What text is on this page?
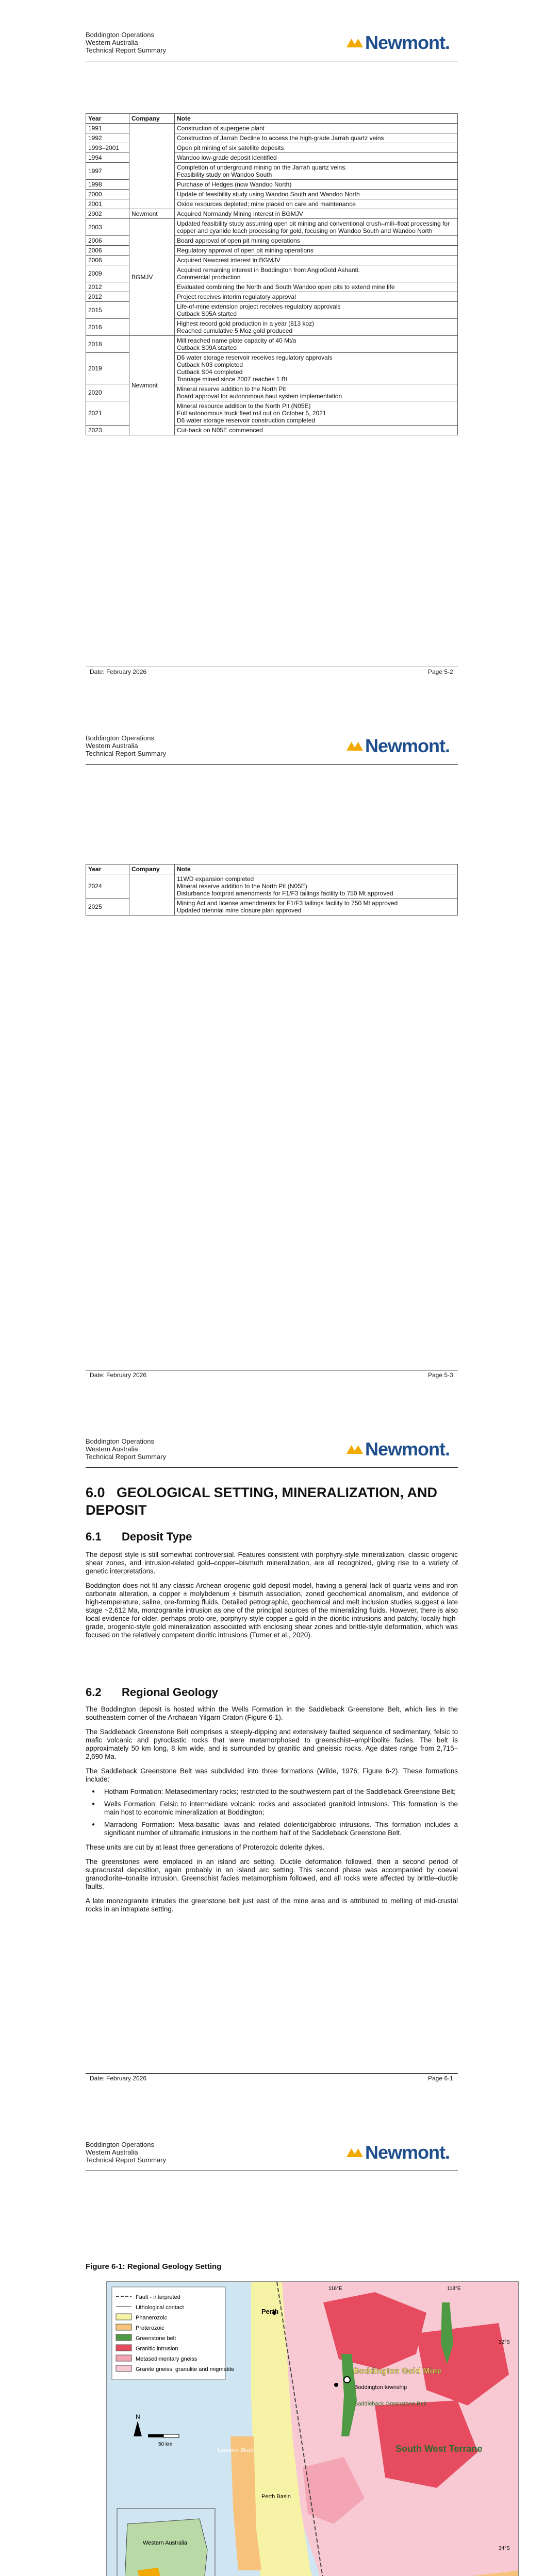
Boddington Operations
Western Australia
Technical Report Summary	Newmont.
Year	Company	Note
1991		Construction of supergene plant

1992		Construction of Jarrah Decline to access the high-grade Jarrah quartz veins

1993–2001		Open pit mining of six satellite deposits

1994		Wandoo low-grade deposit identified

1997		Completion of underground mining on the Jarrah quartz veins.
Feasibility study on Wandoo South

1998		Purchase of Hedges (now Wandoo North)

2000		Update of feasibility study using Wandoo South and Wandoo North

2001		Oxide resources depleted; mine placed on care and maintenance

2002	Newmont	Acquired Normandy Mining interest in BGMJV

2003	BGMJV	Updated feasibility study assuming open pit mining and conventional crush–mill–float processing for copper and cyanide leach processing for gold, focusing on Wandoo South and Wandoo North

2006		Board approval of open pit mining operations

2006		Regulatory approval of open pit mining operations

2006		Acquired Newcrest interest in BGMJV

2009		Acquired remaining interest in Boddington from AngloGold Ashanti.
Commercial production

2012		Evaluated combining the North and South Wandoo open pits to extend mine life

2012		Project receives interim regulatory approval

2015		Life-of-mine extension project receives regulatory approvals
Cutback S05A started

2016		Highest record gold production in a year (813 koz)
Reached cumulative 5 Moz gold produced

2018	Newmont	Mill reached name plate capacity of 40 Mt/a
Cutback S09A started

2019		D6 water storage reservoir receives regulatory approvals
Cutback N03 completed
Cutback S04 completed
Tonnage mined since 2007 reaches 1 Bt

2020		Mineral reserve addition to the North Pit
Board approval for autonomous haul system implementation

2021		Mineral resource addition to the North Pit (N05E)
Full autonomous truck fleet roll out on October 5, 2021
D6 water storage reservoir construction completed

2023		Cut-back on N05E commenced
Date: February 2026	Page 5-2
Boddington Operations
Western Australia
Technical Report Summary	Newmont.
Year	Company	Note
2024		11WD expansion completed
Mineral reserve addition to the North Pit (N05E)
Disturbance footprint amendments for F1/F3 tailings facility to 750 Mt approved

2025		Mining Act and license amendments for F1/F3 tailings facility to 750 Mt approved
Updated triennial mine closure plan approved
Date: February 2026	Page 5-3
Boddington Operations
Western Australia
Technical Report Summary	Newmont.
6.0 GEOLOGICAL SETTING, MINERALIZATION, AND DEPOSIT
6.1 Deposit Type

The deposit style is still somewhat controversial. Features consistent with porphyry-style mineralization, classic orogenic shear zones, and intrusion-related gold–copper–bismuth mineralization, are all recognized, giving rise to a variety of genetic interpretations.

Boddington does not fit any classic Archean orogenic gold deposit model, having a general lack of quartz veins and iron carbonate alteration, a copper ± molybdenum ± bismuth association, zoned geochemical anomalism, and evidence of high-temperature, saline, ore-forming fluids. Detailed petrographic, geochemical and melt inclusion studies suggest a late stage ~2,612 Ma, monzogranite intrusion as one of the principal sources of the mineralizing fluids. However, there is also local evidence for older, perhaps proto-ore, porphyry-style copper ± gold in the dioritic intrusions and patchy, locally high-grade, orogenic-style gold mineralization associated with enclosing shear zones and brittle-style deformation, which was focused on the relatively competent dioritic intrusions (Turner et al., 2020).

6.2 Regional Geology

The Boddington deposit is hosted within the Wells Formation in the Saddleback Greenstone Belt, which lies in the southeastern corner of the Archaean Yilgarn Craton (Figure 6-1).

The Saddleback Greenstone Belt comprises a steeply-dipping and extensively faulted sequence of sedimentary, felsic to mafic volcanic and pyroclastic rocks that were metamorphosed to greenschist–amphibolite facies. The belt is approximately 50 km long, 8 km wide, and is surrounded by granitic and gneissic rocks. Age dates range from 2,715–2,690 Ma.

The Saddleback Greenstone Belt was subdivided into three formations (Wilde, 1976; Figure 6-2). These formations include:

● Hotham Formation: Metasedimentary rocks; restricted to the southwestern part of the Saddleback Greenstone Belt;
● Wells Formation: Felsic to intermediate volcanic rocks and associated granitoid intrusions. This formation is the main host to economic mineralization at Boddington;
● Marradong Formation: Meta-basaltic lavas and related doleritic/gabbroic intrusions. This formation includes a significant number of ultramafic intrusions in the northern half of the Saddleback Greenstone Belt.

These units are cut by at least three generations of Proterozoic dolerite dykes.

The greenstones were emplaced in an island arc setting. Ductile deformation followed, then a second period of supracrustal deposition, again probably in an island arc setting. This second phase was accompanied by coeval granodiorite–tonalite intrusion. Greenschist facies metamorphism followed, and all rocks were affected by brittle–ductile faults.

A late monzogranite intrudes the greenstone belt just east of the mine area and is attributed to melting of mid-crustal rocks in an intraplate setting.

Date: February 2026	Page 6-1
Boddington Operations
Western Australia
Technical Report Summary	Newmont.
Figure 6-1: Regional Geology Setting
Perth
Boddington Gold Mine
Boddington township
Saddleback Greenstone Belt
South West Terrane
Leeuwin Block
Perth Basin
32°S
34°S
116°E	118°E
N
50 km
Fault - interpreted
Lithological contact
Phanerozoic
Proterozoic
Greenstone belt
Granitic intrusion
Metasedimentary gneiss
Granite gneiss, granulite and migmatite
Western Australia
